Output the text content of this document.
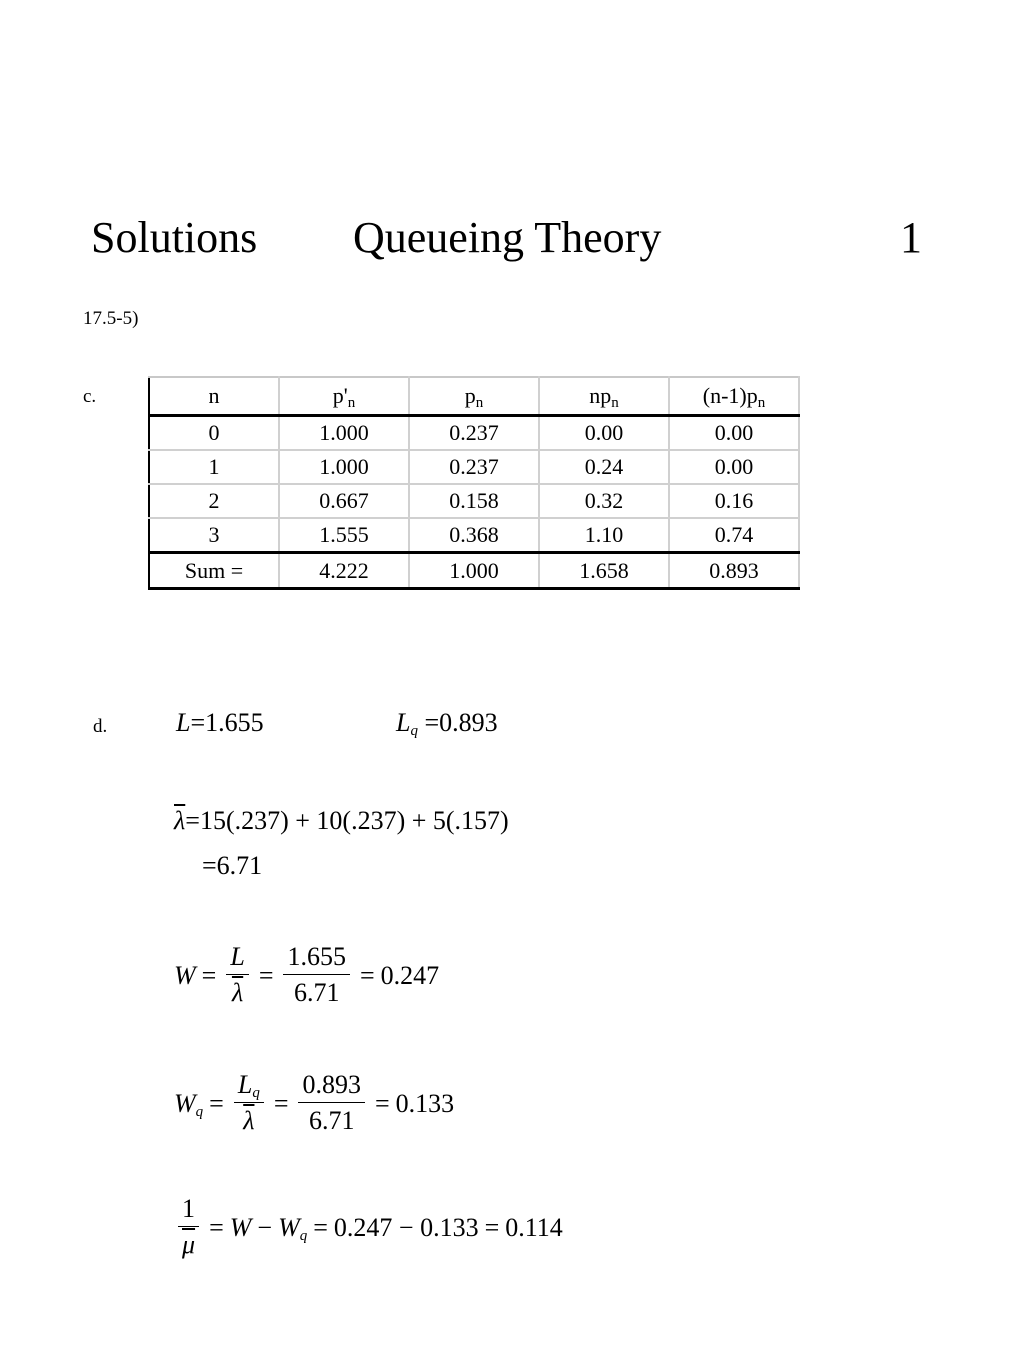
Solutions Queueing Theory	1
17.5-5)
c.	n	$p'_n$	$p_n$	$np_n$	$(n-1)p_n$
0	1.000	0.237	0.00	0.00
1	1.000	0.237	0.24	0.00
2	0.667	0.158	0.32	0.16
3	1.555	0.368	1.10	0.74
Sum =	4.222	1.000	1.658	0.893
d.	L=1.655	$L_q =0.893$
$\overline{\lambda}=15(.237) + 10(.237) + 5(.157)$
=6.71
$W = \frac{L}{\lambda} = \frac{1.655}{6.71} = 0.247$
$W_q = \frac{L_q}{\lambda} = \frac{0.893}{6.71} = 0.133$
$\frac{1}{\mu} = W - W_q = 0.247 - 0.133 = 0.114$
